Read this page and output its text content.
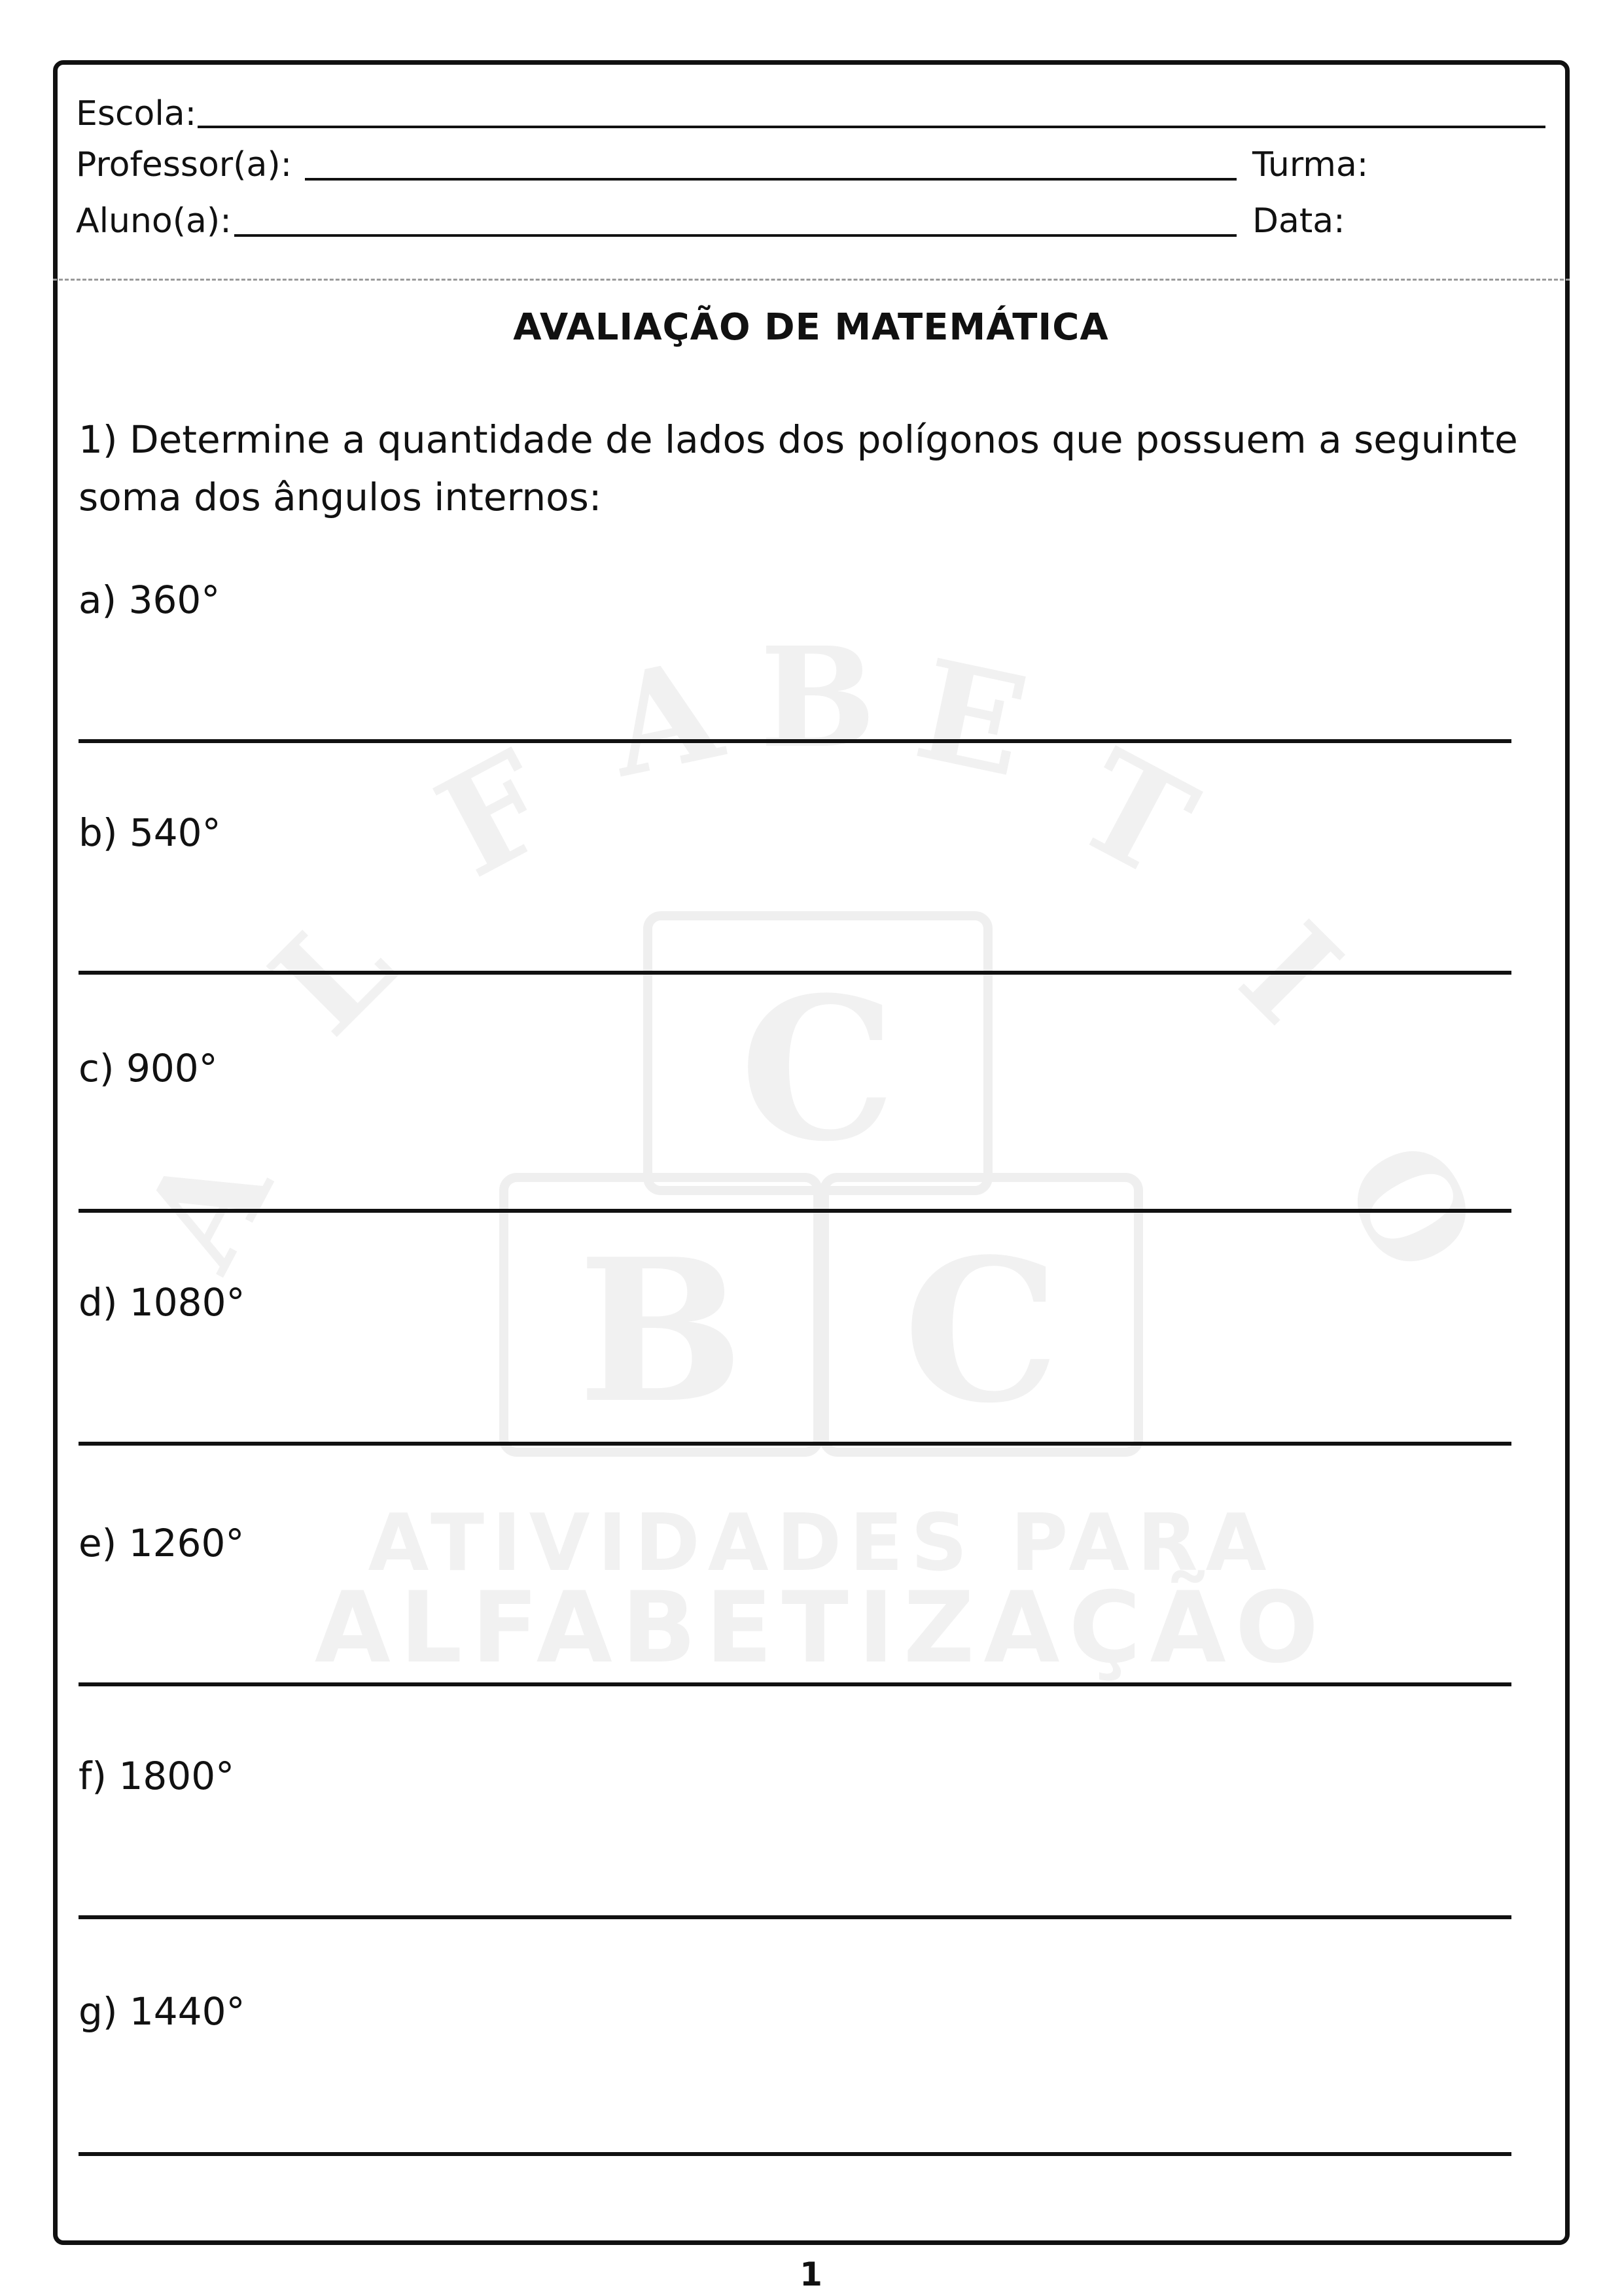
C
B C
A
L
F
A B E
T
I
O
ATIVIDADES PARA
ALFABETIZAÇÃO
Escola:
Professor(a):	Turma:
Aluno(a):	Data:
AVALIAÇÃO DE MATEMÁTICA
1) Determine a quantidade de lados dos polígonos que possuem a seguinte soma dos ângulos internos:
a) 360°
b) 540°
c) 900°
d) 1080°
e) 1260°
f) 1800°
g) 1440°
1
